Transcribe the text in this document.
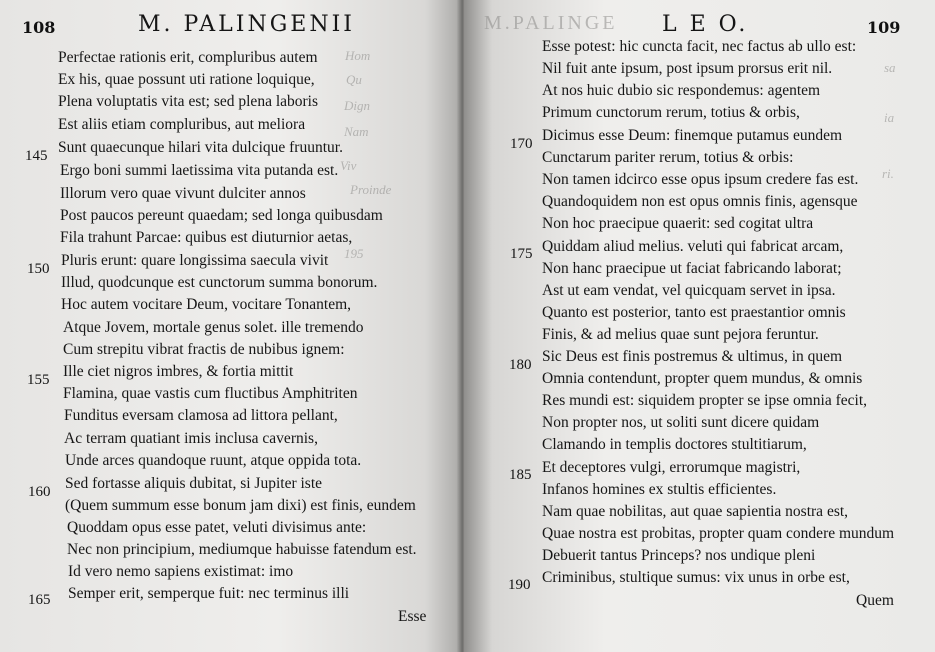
108	M. PALINGENII
Hom
Qu
Dign
Nam
Viv
Proinde
195
145
150
155
160
165
Perfectae rationis erit, compluribus autem
Ex his, quae possunt uti ratione loquique,
Plena voluptatis vita est; sed plena laboris
Est aliis etiam compluribus, aut meliora
Sunt quaecunque hilari vita dulcique fruuntur.
Ergo boni summi laetissima vita putanda est.
Illorum vero quae vivunt dulciter annos
Post paucos pereunt quaedam; sed longa quibusdam
Fila trahunt Parcae: quibus est diuturnior aetas,
Pluris erunt: quare longissima saecula vivit
Illud, quodcunque est cunctorum summa bonorum.
Hoc autem vocitare Deum, vocitare Tonantem,
Atque Jovem, mortale genus solet. ille tremendo
Cum strepitu vibrat fractis de nubibus ignem:
Ille ciet nigros imbres, & fortia mittit
Flamina, quae vastis cum fluctibus Amphitriten
Funditus eversam clamosa ad littora pellant,
Ac terram quatiant imis inclusa cavernis,
Unde arces quandoque ruunt, atque oppida tota.
Sed fortasse aliquis dubitat, si Jupiter iste
(Quem summum esse bonum jam dixi) est finis, eundem
Quoddam opus esse patet, veluti divisimus ante:
Nec non principium, mediumque habuisse fatendum est.
Id vero nemo sapiens existimat: imo
Semper erit, semperque fuit: nec terminus illi
Esse
L E O.	109
M.PALINGE
sa
ia
ri.
170
175
180
185
190
Esse potest: hic cuncta facit, nec factus ab ullo est:
Nil fuit ante ipsum, post ipsum prorsus erit nil.
At nos huic dubio sic respondemus: agentem
Primum cunctorum rerum, totius & orbis,
Dicimus esse Deum: finemque putamus eundem
Cunctarum pariter rerum, totius & orbis:
Non tamen idcirco esse opus ipsum credere fas est.
Quandoquidem non est opus omnis finis, agensque
Non hoc praecipue quaerit: sed cogitat ultra
Quiddam aliud melius. veluti qui fabricat arcam,
Non hanc praecipue ut faciat fabricando laborat;
Ast ut eam vendat, vel quicquam servet in ipsa.
Quanto est posterior, tanto est praestantior omnis
Finis, & ad melius quae sunt pejora feruntur.
Sic Deus est finis postremus & ultimus, in quem
Omnia contendunt, propter quem mundus, & omnis
Res mundi est: siquidem propter se ipse omnia fecit,
Non propter nos, ut soliti sunt dicere quidam
Clamando in templis doctores stultitiarum,
Et deceptores vulgi, errorumque magistri,
Infanos homines ex stultis efficientes.
Nam quae nobilitas, aut quae sapientia nostra est,
Quae nostra est probitas, propter quam condere mundum
Debuerit tantus Princeps? nos undique pleni
Criminibus, stultique sumus: vix unus in orbe est,
Quem
